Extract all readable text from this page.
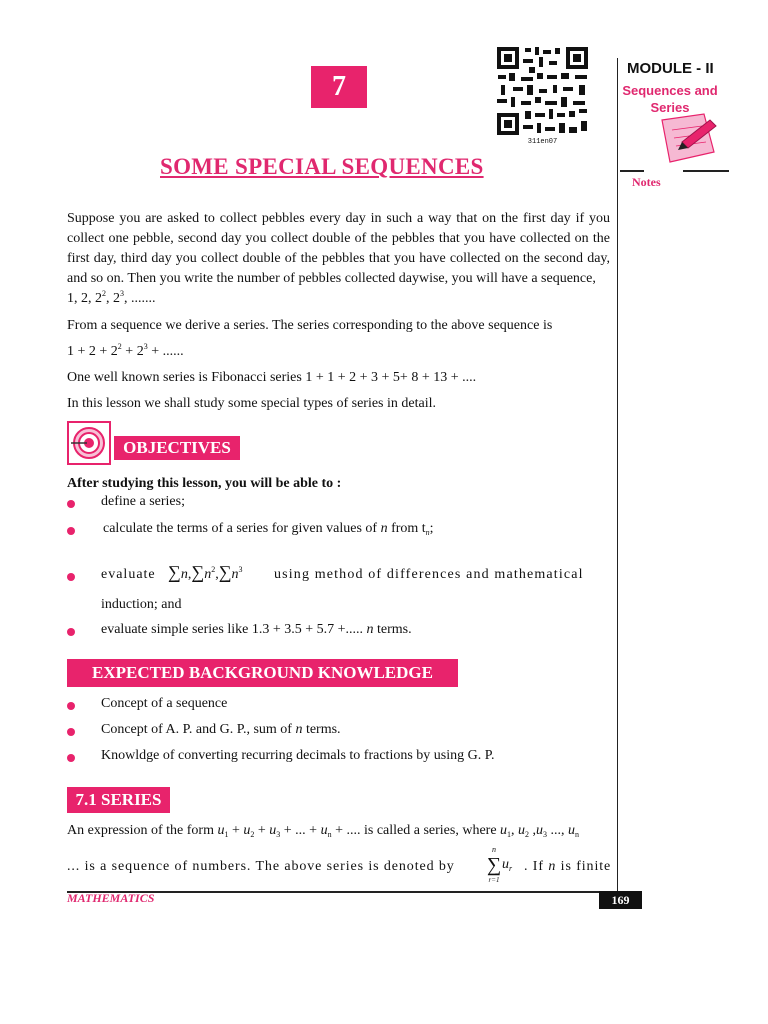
7
311en07
MODULE - II
Sequences and
Series
Notes
SOME SPECIAL SEQUENCES
Suppose you are asked to collect pebbles every day in such a way that on the first day if you collect one pebble, second day you collect double of the pebbles that you have collected on the first day, third day you collect double of the pebbles that you have collected on the second day, and so on. Then you write the number of pebbles collected daywise, you will have a sequence,
1, 2, $2^2$, $2^3$, .......
From a sequence we derive a series. The series corresponding to the above sequence is
$1 + 2 + 2^2 + 2^3$ + ......
One well known series is Fibonacci series 1 + 1 + 2 + 3 + 5+ 8 + 13 + ....
In this lesson we shall study some special types of series in detail.
OBJECTIVES
After studying this lesson, you will be able to :
define a series;
calculate the terms of a series for given values of n from $t_n$;
evaluate $\sum n,\sum n^2,\sum n^3$ using method of differences and mathematical
induction; and
evaluate simple series like 1.3 + 3.5 + 5.7 +..... n terms.
EXPECTED BACKGROUND KNOWLEDGE
Concept of a sequence
Concept of A. P. and G. P., sum of n terms.
Knowldge of converting recurring decimals to fractions by using G. P.
7.1 SERIES
An expression of the form $u_1 + u_2 + u_3$ + ... + $u_n$ + .... is called a series, where $u_1$, $u_2$ $,u_3$ ..., $u_n$
... is a sequence of numbers. The above series is denoted by
n
∑
r=1
$u_r$ . If n is finite
MATHEMATICS	169
